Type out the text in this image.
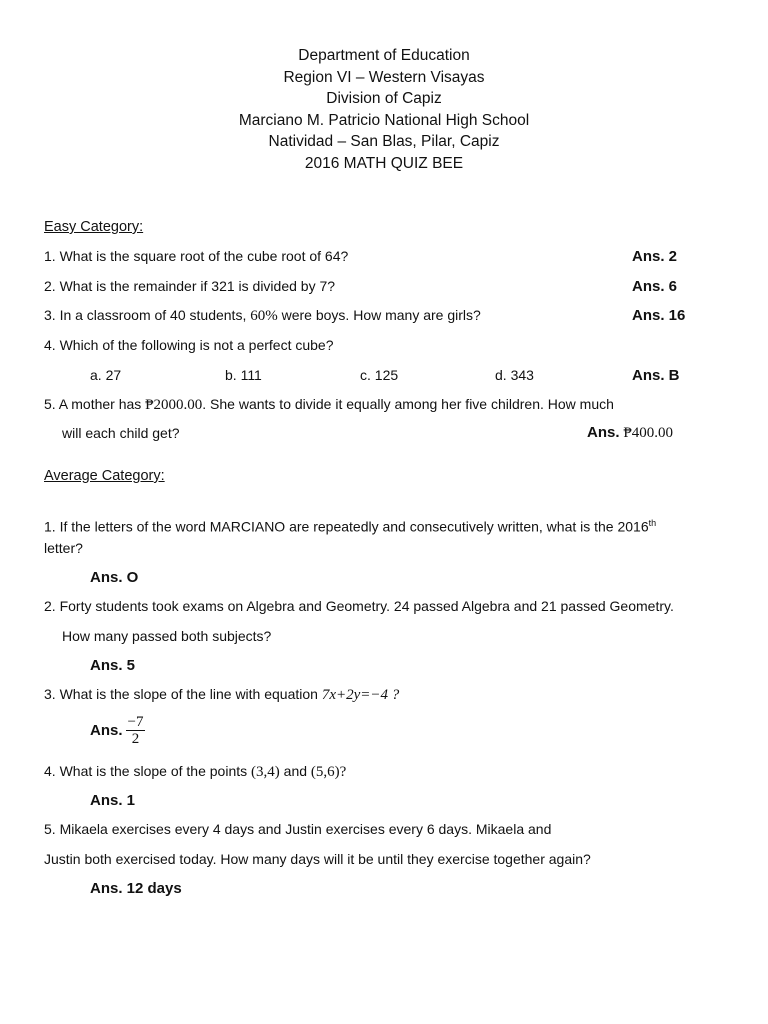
Department of Education
Region VI – Western Visayas
Division of Capiz
Marciano M. Patricio National High School
Natividad – San Blas, Pilar, Capiz
2016 MATH QUIZ BEE
Easy Category:
1. What is the square root of the cube root of 64?	Ans. 2
2. What is the remainder if 321 is divided by 7?	Ans. 6
3. In a classroom of 40 students, 60% were boys. How many are girls?	Ans. 16
4. Which of the following is not a perfect cube?
a. 27	b. 111	c. 125	d. 343	Ans. B
5. A mother has ₱2000.00. She wants to divide it equally among her five children. How much
will each child get?	Ans. ₱400.00
Average Category:
1. If the letters of the word MARCIANO are repeatedly and consecutively written, what is the 2016th
letter?
Ans. O
2. Forty students took exams on Algebra and Geometry. 24 passed Algebra and 21 passed Geometry.
How many passed both subjects?
Ans. 5
3. What is the slope of the line with equation 7x+2y=−4 ?
Ans. $\frac{-7}{2}$
4. What is the slope of the points (3,4) and (5,6)?
Ans. 1
5. Mikaela exercises every 4 days and Justin exercises every 6 days. Mikaela and
Justin both exercised today. How many days will it be until they exercise together again?
Ans. 12 days
